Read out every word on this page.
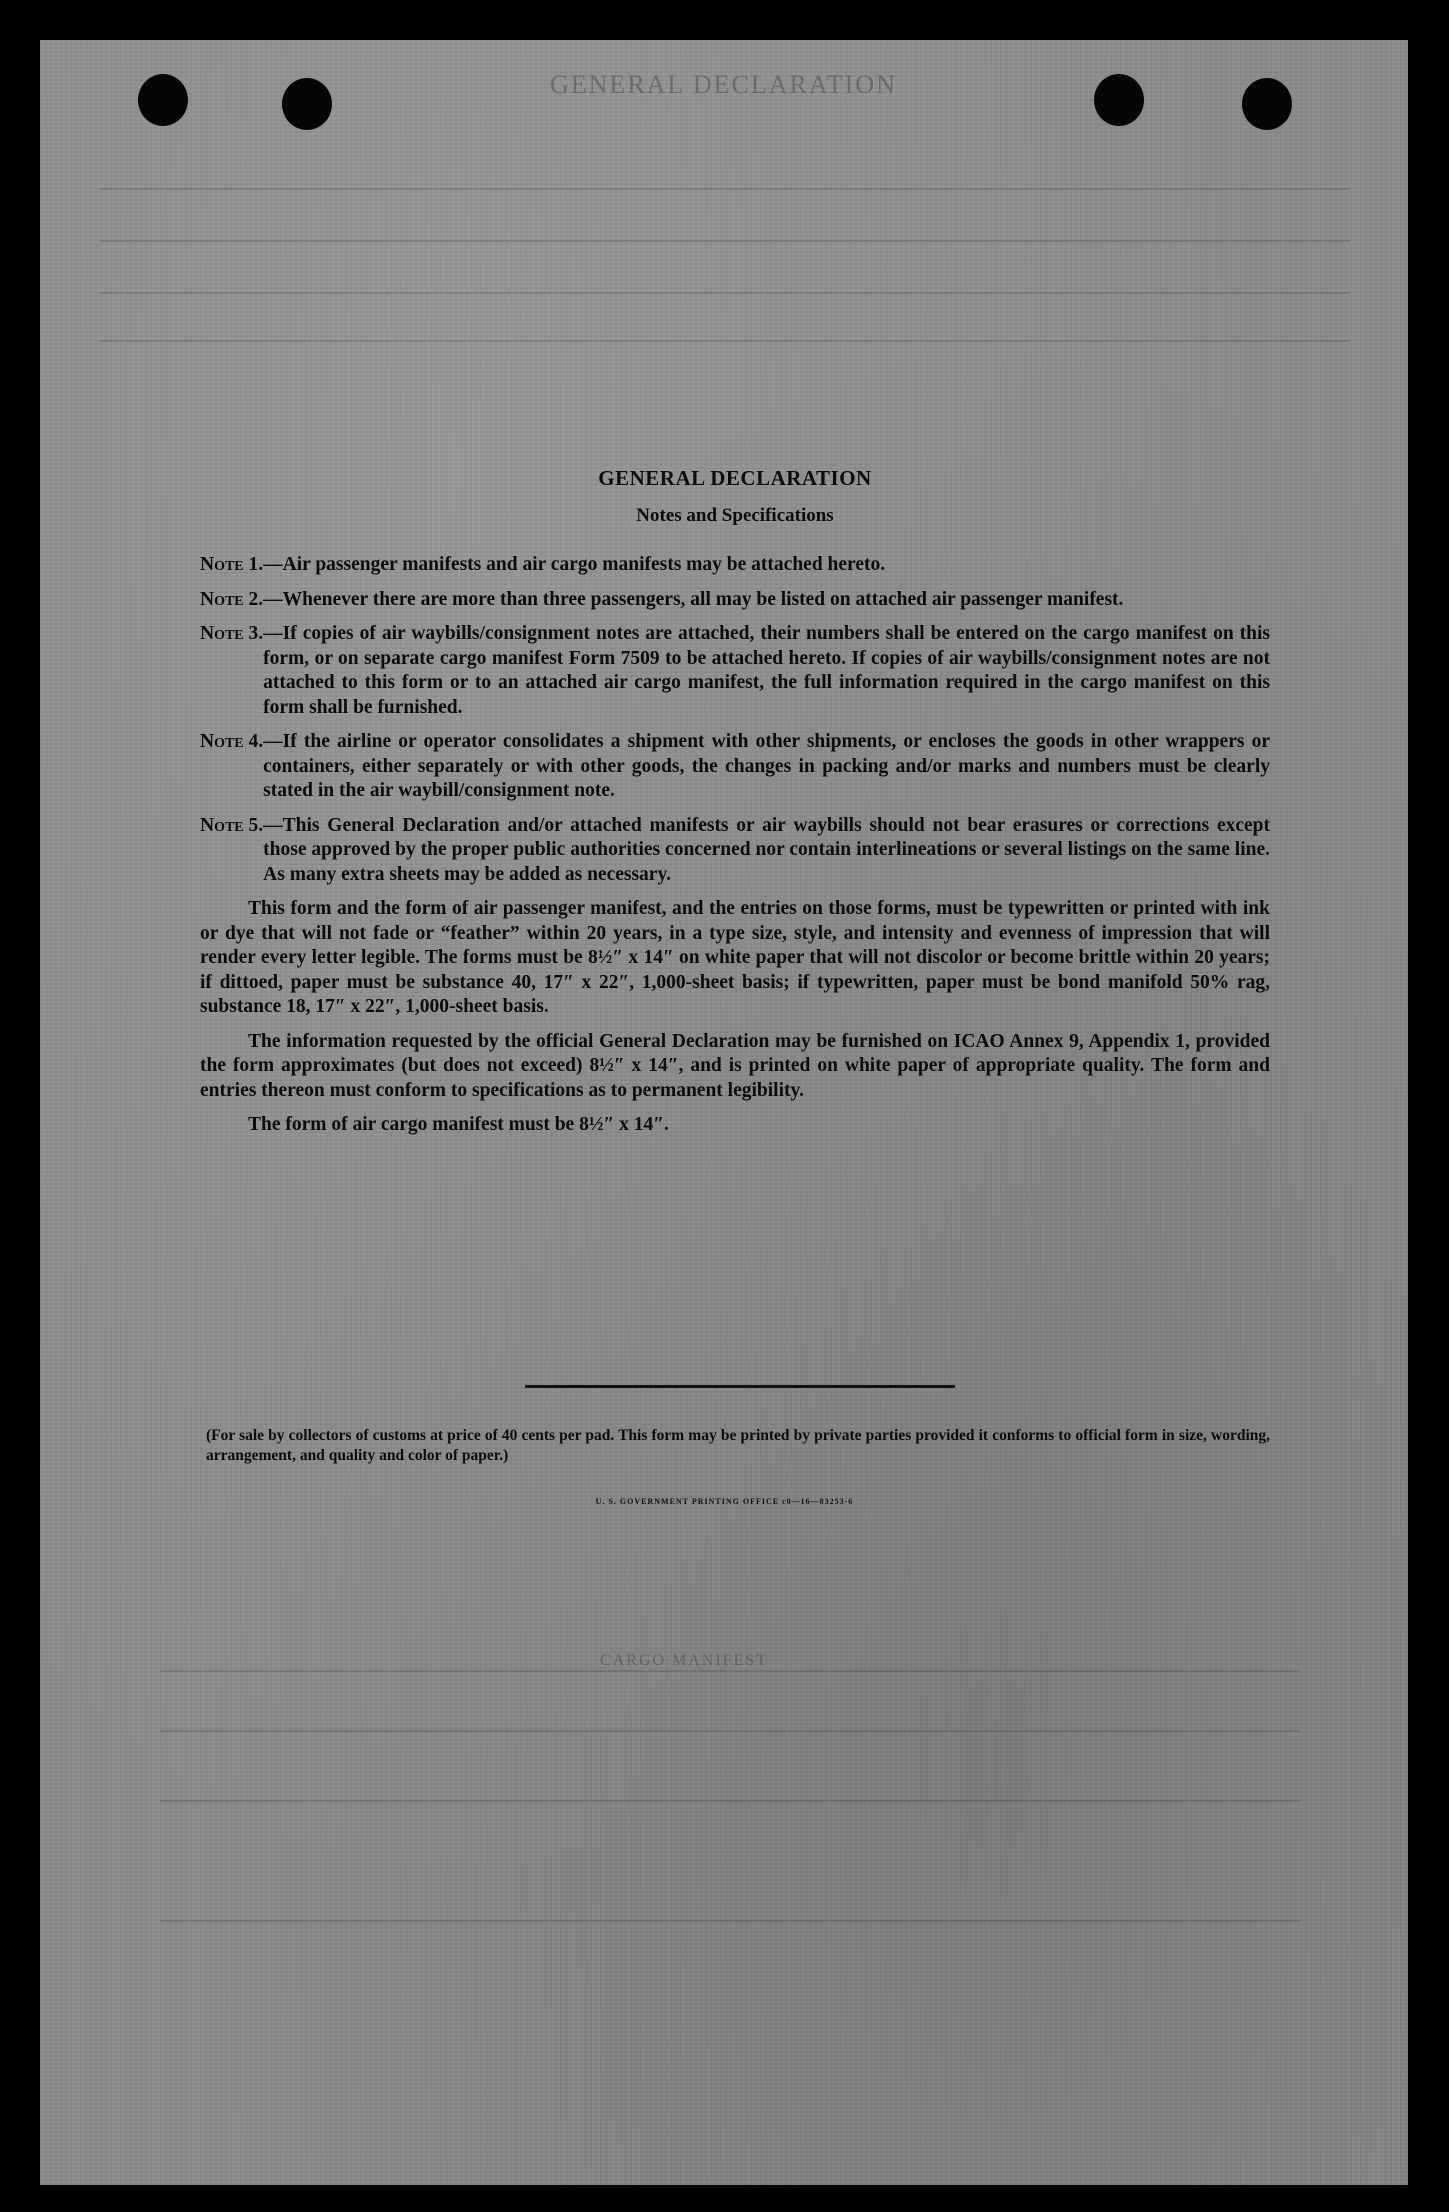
GENERAL DECLARATION
CARGO MANIFEST
GENERAL DECLARATION
Notes and Specifications
Note 1. —Air passenger manifests and air cargo manifests may be attached hereto.
Note 2. —Whenever there are more than three passengers, all may be listed on attached air passenger manifest.
Note 3. —If copies of air waybills/consignment notes are attached, their numbers shall be entered on the cargo manifest on this form, or on separate cargo manifest Form 7509 to be attached hereto. If copies of air waybills/consignment notes are not attached to this form or to an attached air cargo manifest, the full information required in the cargo manifest on this form shall be furnished.
Note 4. —If the airline or operator consolidates a shipment with other shipments, or encloses the goods in other wrappers or containers, either separately or with other goods, the changes in packing and/or marks and numbers must be clearly stated in the air waybill/consignment note.
Note 5. —This General Declaration and/or attached manifests or air waybills should not bear erasures or corrections except those approved by the proper public authorities concerned nor contain interlineations or several listings on the same line. As many extra sheets may be added as necessary.

This form and the form of air passenger manifest, and the entries on those forms, must be typewritten or printed with ink or dye that will not fade or “feather” within 20 years, in a type size, style, and intensity and evenness of impression that will render every letter legible. The forms must be 8½″ x 14″ on white paper that will not discolor or become brittle within 20 years; if dittoed, paper must be substance 40, 17″ x 22″, 1,000-sheet basis; if typewritten, paper must be bond manifold 50% rag, substance 18, 17″ x 22″, 1,000-sheet basis.

The information requested by the official General Declaration may be furnished on ICAO Annex 9, Appendix 1, provided the form approximates (but does not exceed) 8½″ x 14″, and is printed on white paper of appropriate quality. The form and entries thereon must conform to specifications as to permanent legibility.

The form of air cargo manifest must be 8½″ x 14″.

(For sale by collectors of customs at price of 40 cents per pad. This form may be printed by private parties provided it conforms to official form in size, wording, arrangement, and quality and color of paper.)
U. S. GOVERNMENT PRINTING OFFICE c0—16—83253-6
